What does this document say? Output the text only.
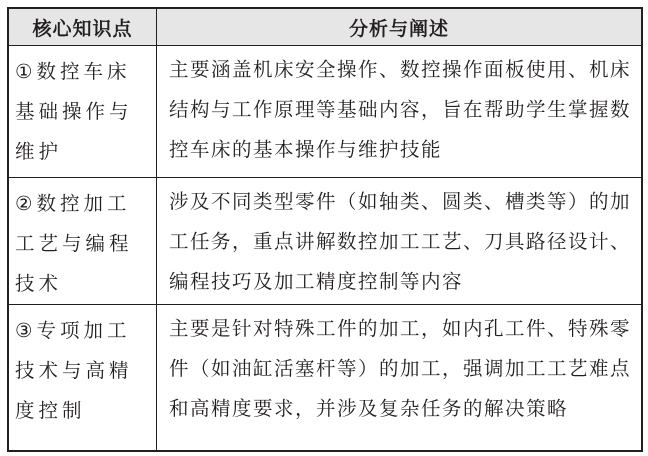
核心知识点	分析与阐述
①数控车床基础操作与维护
主要涵盖机床安全操作、数控操作面板使用、机床结构与工作原理等基础内容，旨在帮助学生掌握数控车床的基本操作与维护技能
②数控加工工艺与编程技术
涉及不同类型零件（如轴类、圆类、槽类等）的加工任务，重点讲解数控加工工艺、刀具路径设计、编程技巧及加工精度控制等内容
③专项加工技术与高精度控制
主要是针对特殊工件的加工，如内孔工件、特殊零件（如油缸活塞杆等）的加工，强调加工工艺难点和高精度要求，并涉及复杂任务的解决策略
